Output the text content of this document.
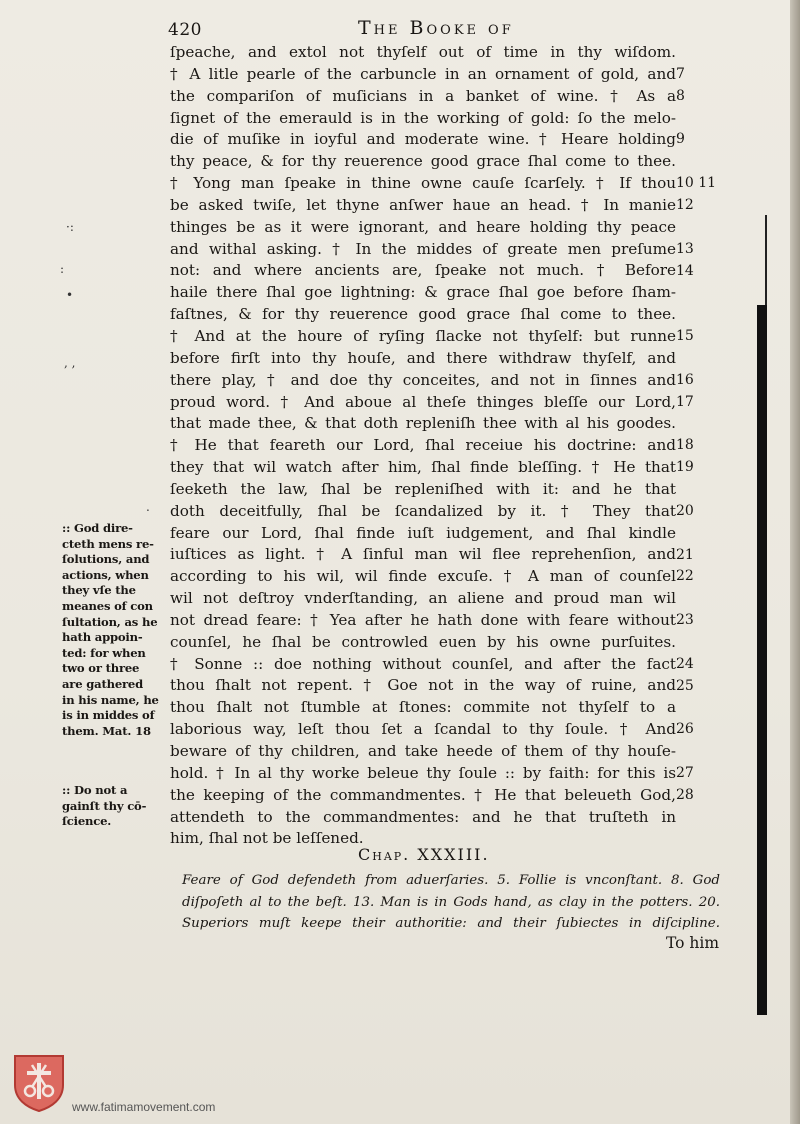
420	The Booke of
ſpeache, and extol not thyſelf out of time in thy wiſdom.
† A litle pearle of the carbuncle in an ornament of gold, and
the compariſon of muſicians in a banket of wine. † As a
ſignet of the emerauld is in the working of gold: ſo the melo-
die of muſike in ioyful and moderate wine. † Heare holding
thy peace, & for thy reuerence good grace ſhal come to thee.
† Yong man ſpeake in thine owne cauſe ſcarſely. † If thou
be asked twiſe, let thyne anſwer haue an head. † In manie
thinges be as it were ignorant, and heare holding thy peace
and withal asking. † In the middes of greate men preſume
not: and where ancients are, ſpeake not much. † Before
haile there ſhal goe lightning: & grace ſhal goe before ſham-
faſtnes, & for thy reuerence good grace ſhal come to thee.
† And at the houre of ryſing ſlacke not thyſelf: but runne
before firſt into thy houſe, and there withdraw thyſelf, and
there play, † and doe thy conceites, and not in ſinnes and
proud word. † And aboue al theſe thinges bleſſe our Lord,
that made thee, & that doth repleniſh thee with al his goodes.
† He that feareth our Lord, ſhal receiue his doctrine: and
they that wil watch after him, ſhal finde bleſſing. † He that
ſeeketh the law, ſhal be repleniſhed with it: and he that
doth deceitfully, ſhal be ſcandalized by it. † They that
feare our Lord, ſhal finde iuſt iudgement, and ſhal kindle
iuſtices as light. † A ſinful man wil flee reprehenſion, and
according to his wil, wil finde excuſe. † A man of counſel
wil not deſtroy vnderſtanding, an aliene and proud man wil
not dread feare: † Yea after he hath done with feare without
counſel, he ſhal be controwled euen by his owne purſuites.
† Sonne :: doe nothing without counſel, and after the fact
thou ſhalt not repent. † Goe not in the way of ruine, and
thou ſhalt not ſtumble at ſtones: commite not thyſelf to a
laborious way, leſt thou ſet a ſcandal to thy ſoule. † And
beware of thy children, and take heede of them of thy houſe-
hold. † In al thy worke beleue thy ſoule :: by faith: for this is
the keeping of the commandmentes. † He that beleueth God,
attendeth to the commandmentes: and he that truſteth in
him, ſhal not be leſſened.
7
8
9
10 11
12
13
14
15
16
17
18
19
20
21
22
23
24
25
26
27
28
:: God dire-
cteth mens re-
ſolutions, and
actions, when
they vſe the
meanes of con
ſultation, as he
hath appoin-
ted: for when
two or three
are gathered
in his name, he
is in middes of
them. Mat. 18
:: Do not a
gainſt thy cō-
ſcience.
·:
:
•
, ,
.
Chap. XXXIII.
Feare of God defendeth from aduerſaries. 5. Follie is vnconſtant. 8. God
diſpoſeth al to the beſt. 13. Man is in Gods hand, as clay in the potters. 20.
Superiors muſt keepe their authoritie: and their ſubiectes in diſcipline.
To him
www.fatimamovement.com
